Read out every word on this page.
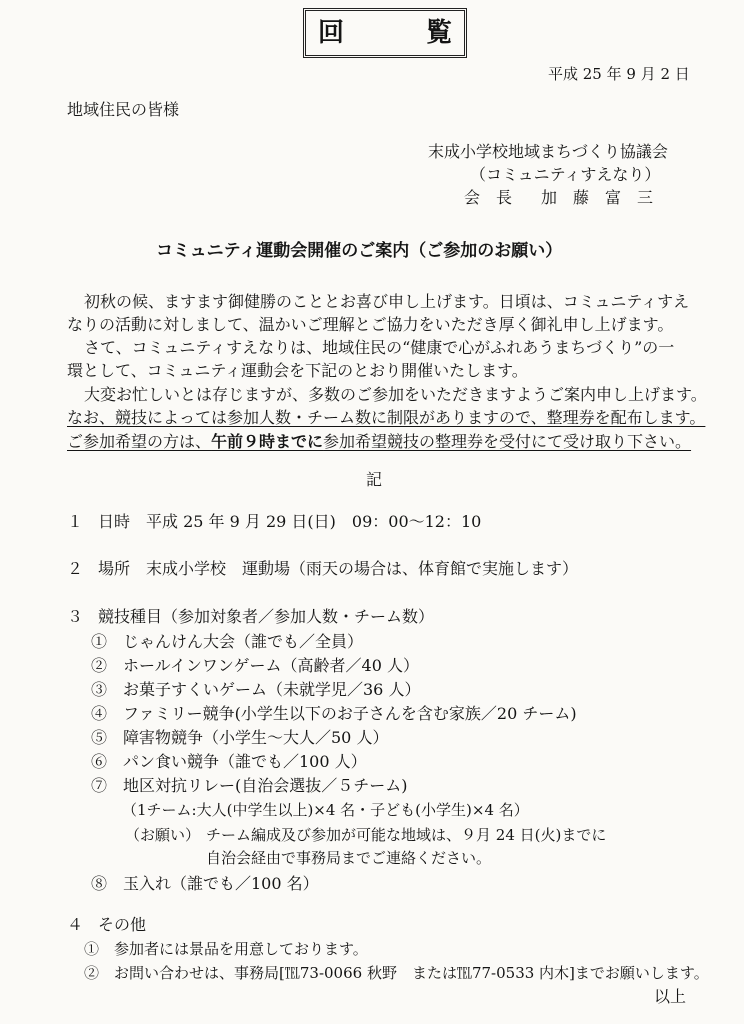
回	覧
平成 25 年 9 月 2 日
地域住民の皆様
末成小学校地域まちづくり協議会
（コミュニティすえなり）
会　長 加　藤　富　三
コミュニティ運動会開催のご案内（ご参加のお願い）
初秋の候、ますます御健勝のこととお喜び申し上げます。日頃は、コミュニティすえ
なりの活動に対しまして、温かいご理解とご協力をいただき厚く御礼申し上げます。
さて、コミュニティすえなりは、地域住民の“健康で心がふれあうまちづくり”の一
環として、コミュニティ運動会を下記のとおり開催いたします。
大変お忙しいとは存じますが、多数のご参加をいただきますようご案内申し上げます。
なお、競技によっては参加人数・チーム数に制限がありますので、整理券を配布します。
ご参加希望の方は、午前９時までに参加希望競技の整理券を受付にて受け取り下さい。
記
１ 日時　平成 25 年 9 月 29 日(日)　09：00～12：10
２ 場所　末成小学校　運動場（雨天の場合は、体育館で実施します）
３ 競技種目（参加対象者／参加人数・チーム数）
①　じゃんけん大会（誰でも／全員）
②　ホールインワンゲーム（高齢者／40 人）
③　お菓子すくいゲーム（未就学児／36 人）
④　ファミリー競争(小学生以下のお子さんを含む家族／20 チーム)
⑤　障害物競争（小学生～大人／50 人）
⑥　パン食い競争（誰でも／100 人）
⑦　地区対抗リレー(自治会選抜／５チーム)
（1チーム:大人(中学生以上)×4 名・子ども(小学生)×4 名）
（お願い） チーム編成及び参加が可能な地域は、９月 24 日(火)までに
自治会経由で事務局までご連絡ください。
⑧　玉入れ（誰でも／100 名）
４ その他
①　参加者には景品を用意しております。
②　お問い合わせは、事務局[℡73-0066 秋野　または℡77-0533 内木]までお願いします。
以上
